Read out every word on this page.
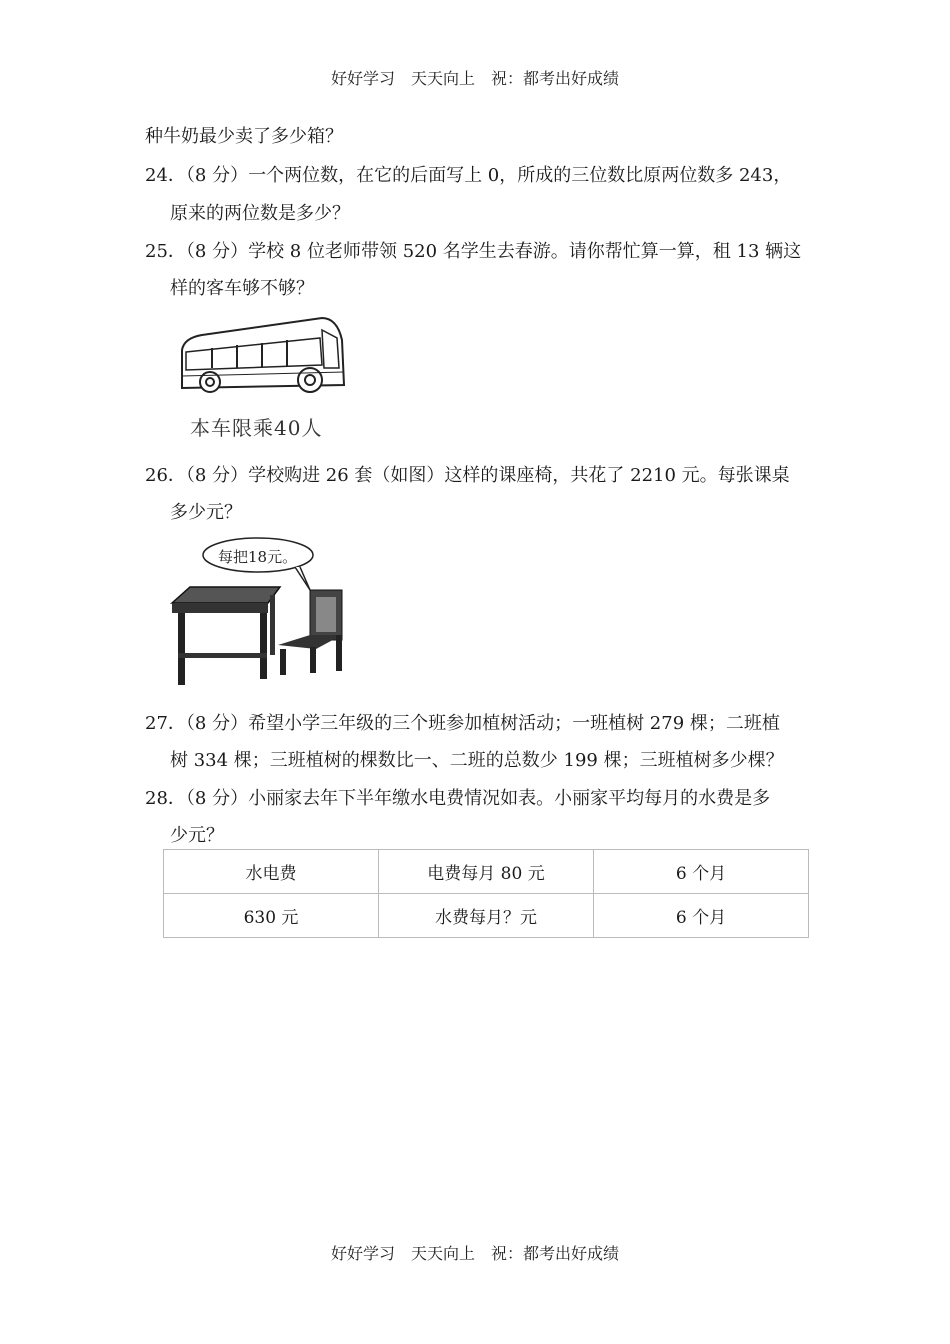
好好学习　天天向上　祝：都考出好成绩
种牛奶最少卖了多少箱？
24．（8 分）一个两位数，在它的后面写上 0，所成的三位数比原两位数多 243，
原来的两位数是多少？
25．（8 分）学校 8 位老师带领 520 名学生去春游。请你帮忙算一算，租 13 辆这
样的客车够不够？
本车限乘40人
26．（8 分）学校购进 26 套（如图）这样的课座椅，共花了 2210 元。每张课桌
多少元？
每把18元。
27．（8 分）希望小学三年级的三个班参加植树活动；一班植树 279 棵；二班植
树 334 棵；三班植树的棵数比一、二班的总数少 199 棵；三班植树多少棵？
28．（8 分）小丽家去年下半年缴水电费情况如表。小丽家平均每月的水费是多
少元？
水电费	电费每月 80 元	6 个月
630 元	水费每月？元	6 个月
好好学习　天天向上　祝：都考出好成绩
